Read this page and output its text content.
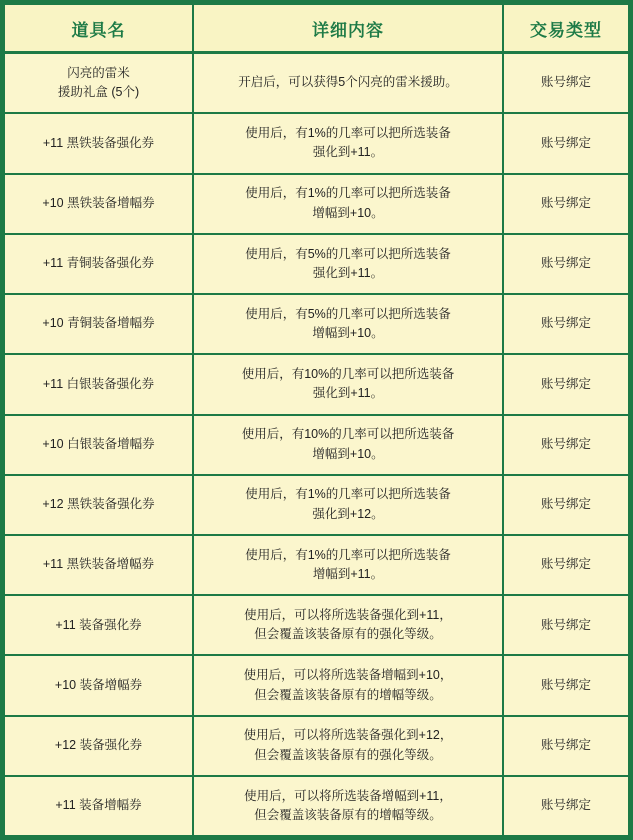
道具名	详细内容	交易类型

闪亮的雷米
援助礼盒 (5个)	开启后，可以获得5个闪亮的雷米援助。	账号绑定

+11 黑铁装备强化券	使用后，有1%的几率可以把所选装备
强化到+11。	账号绑定

+10 黑铁装备增幅券	使用后，有1%的几率可以把所选装备
增幅到+10。	账号绑定

+11 青铜装备强化券	使用后，有5%的几率可以把所选装备
强化到+11。	账号绑定

+10 青铜装备增幅券	使用后，有5%的几率可以把所选装备
增幅到+10。	账号绑定

+11 白银装备强化券	使用后，有10%的几率可以把所选装备
强化到+11。	账号绑定

+10 白银装备增幅券	使用后，有10%的几率可以把所选装备
增幅到+10。	账号绑定

+12 黑铁装备强化券	使用后，有1%的几率可以把所选装备
强化到+12。	账号绑定

+11 黑铁装备增幅券	使用后，有1%的几率可以把所选装备
增幅到+11。	账号绑定

+11 装备强化券	使用后，可以将所选装备强化到+11，
但会覆盖该装备原有的强化等级。	账号绑定

+10 装备增幅券	使用后，可以将所选装备增幅到+10，
但会覆盖该装备原有的增幅等级。	账号绑定

+12 装备强化券	使用后，可以将所选装备强化到+12，
但会覆盖该装备原有的强化等级。	账号绑定

+11 装备增幅券	使用后，可以将所选装备增幅到+11，
但会覆盖该装备原有的增幅等级。	账号绑定
